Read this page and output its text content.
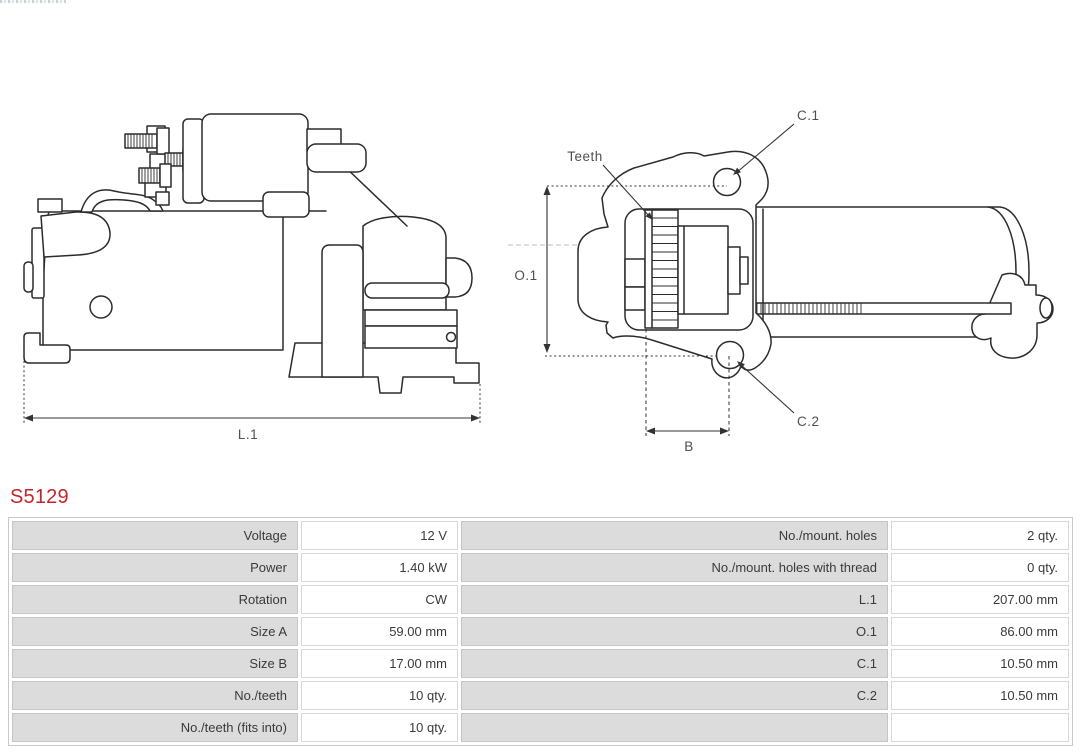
L.1
O.1
B
Teeth
C.1
C.2
S5129
Voltage	12 V	No./mount. holes	2 qty.
Power	1.40 kW	No./mount. holes with thread	0 qty.
Rotation	CW	L.1	207.00 mm
Size A	59.00 mm	O.1	86.00 mm
Size B	17.00 mm	C.1	10.50 mm
No./teeth	10 qty.	C.2	10.50 mm
No./teeth (fits into)	10 qty.		
